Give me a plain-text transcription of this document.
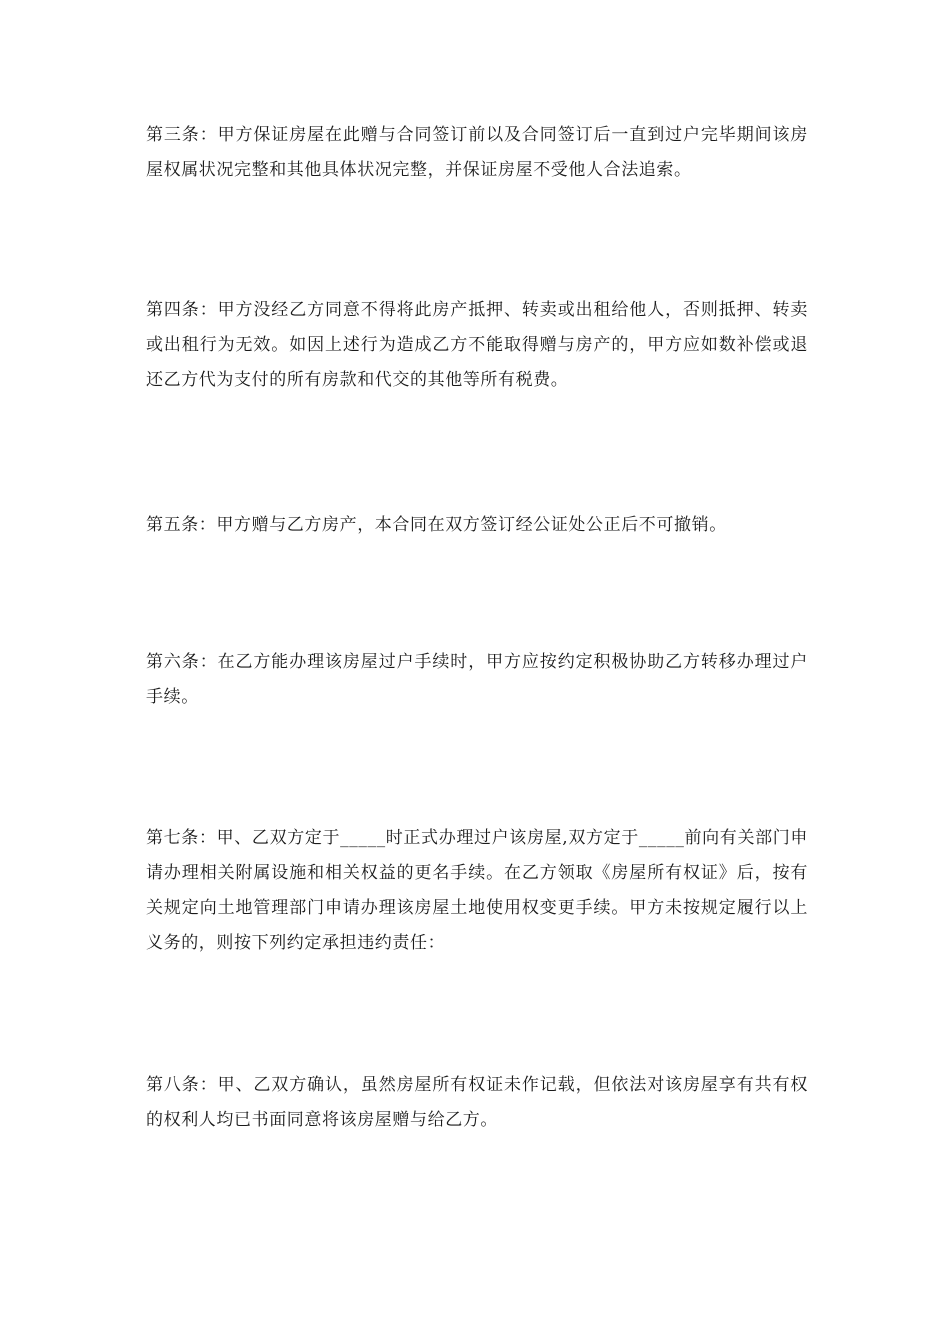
第三条：甲方保证房屋在此赠与合同签订前以及合同签订后一直到过户完毕期间该房屋权属状况完整和其他具体状况完整，并保证房屋不受他人合法追索。

第四条：甲方没经乙方同意不得将此房产抵押、转卖或出租给他人，否则抵押、转卖或出租行为无效。如因上述行为造成乙方不能取得赠与房产的，甲方应如数补偿或退还乙方代为支付的所有房款和代交的其他等所有税费。

第五条：甲方赠与乙方房产，本合同在双方签订经公证处公正后不可撤销。

第六条：在乙方能办理该房屋过户手续时，甲方应按约定积极协助乙方转移办理过户手续。

第七条：甲、乙双方定于_____时正式办理过户该房屋,双方定于_____前向有关部门申请办理相关附属设施和相关权益的更名手续。在乙方领取《房屋所有权证》后，按有关规定向土地管理部门申请办理该房屋土地使用权变更手续。甲方未按规定履行以上义务的，则按下列约定承担违约责任：

第八条：甲、乙双方确认，虽然房屋所有权证未作记载，但依法对该房屋享有共有权的权利人均已书面同意将该房屋赠与给乙方。
